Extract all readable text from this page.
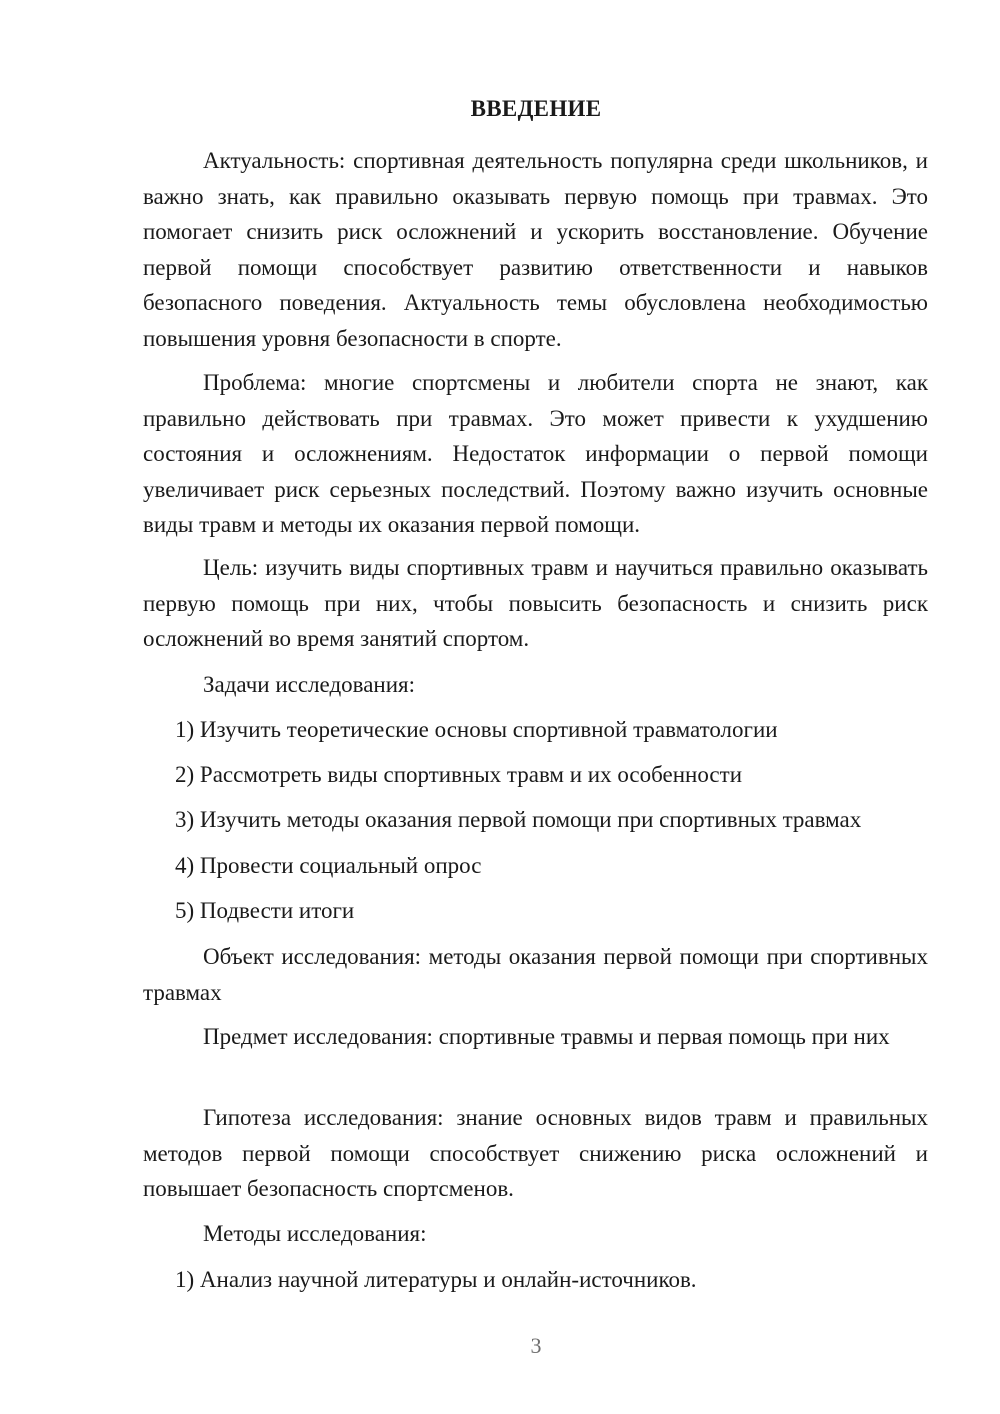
ВВЕДЕНИЕ

Актуальность: спортивная деятельность популярна среди школьников, и важно знать, как правильно оказывать первую помощь при травмах. Это помогает снизить риск осложнений и ускорить восстановление. Обучение первой помощи способствует развитию ответственности и навыков безопасного поведения. Актуальность темы обусловлена необходимостью повышения уровня безопасности в спорте.

Проблема: многие спортсмены и любители спорта не знают, как правильно действовать при травмах. Это может привести к ухудшению состояния и осложнениям. Недостаток информации о первой помощи увеличивает риск серьезных последствий. Поэтому важно изучить основные виды травм и методы их оказания первой помощи.

Цель: изучить виды спортивных травм и научиться правильно оказывать первую помощь при них, чтобы повысить безопасность и снизить риск осложнений во время занятий спортом.

Задачи исследования:

1) Изучить теоретические основы спортивной травматологии

2) Рассмотреть виды спортивных травм и их особенности

3) Изучить методы оказания первой помощи при спортивных травмах

4) Провести социальный опрос

5) Подвести итоги

Объект исследования: методы оказания первой помощи при спортивных травмах

Предмет исследования: спортивные травмы и первая помощь при них

Гипотеза исследования: знание основных видов травм и правильных методов первой помощи способствует снижению риска осложнений и повышает безопасность спортсменов.

Методы исследования:

1) Анализ научной литературы и онлайн-источников.

3
